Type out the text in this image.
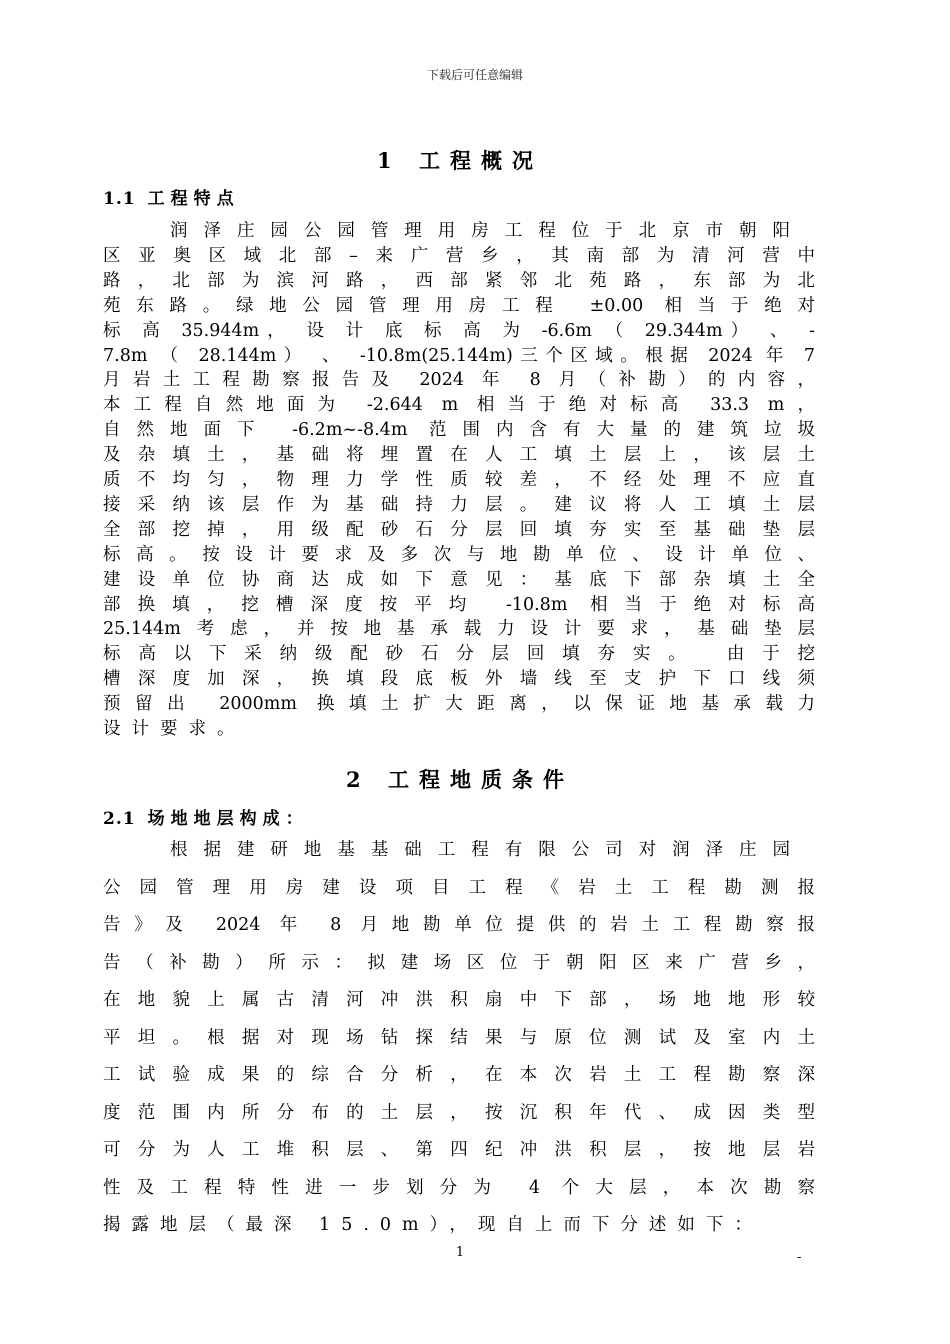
下载后可任意编辑
1 工程概况
1.1 工程特点
润泽庄园公园管理用房工程位于北京市朝阳
区亚奥区域北部–来广营乡，其南部为清河营中
路，北部为滨河路，西部紧邻北苑路，东部为北
苑东路。绿地公园管理用房工程 ±0.00 相当于绝对
标 高 35.944m， 设 计 底 标 高 为 -6.6m （ 29.344m） 、 -
7.8m （ 28.144m） 、 -10.8m(25.144m)三个区域。根据 2024 年 7
月岩土工程勘察报告及 2024 年 8 月（补勘）的内容，
本工程自然地面为 -2.644 m 相当于绝对标高 33.3 m，
自然地面下 -6.2m~-8.4m 范围内含有大量的建筑垃圾
及杂填土，基础将埋置在人工填土层上，该层土
质不均匀，物理力学性质较差，不经处理不应直
接采纳该层作为基础持力层。建议将人工填土层
全部挖掉，用级配砂石分层回填夯实至基础垫层
标高。按设计要求及多次与地勘单位、设计单位、
建设单位协商达成如下意见：基底下部杂填土全
部换填，挖槽深度按平均 -10.8m 相当于绝对标高
25.144m考虑，并按地基承载力设计要求，基础垫层
标高以下采纳级配砂石分层回填夯实。 由于挖
槽深度加深，换填段底板外墙线至支护下口线须
预留出 2000mm 换填土扩大距离，以保证地基承载力
设计要求。
2 工程地质条件
2.1 场地地层构成：
根据建研地基基础工程有限公司对润泽庄园
公园管理用房建设项目工程《岩土工程勘测报
告》及 2024 年 8 月地勘单位提供的岩土工程勘察报
告（补勘）所示：拟建场区位于朝阳区来广营乡，
在地貌上属古清河冲洪积扇中下部，场地地形较
平坦。根据对现场钻探结果与原位测试及室内土
工试验成果的综合分析，在本次岩土工程勘察深
度范围内所分布的土层，按沉积年代、成因类型
可分为人工堆积层、第四纪冲洪积层，按地层岩
性及工程特性进一步划分为 4 个大层，本次勘察
揭露地层（最深 15.0m），现自上而下分述如下：
1	-
